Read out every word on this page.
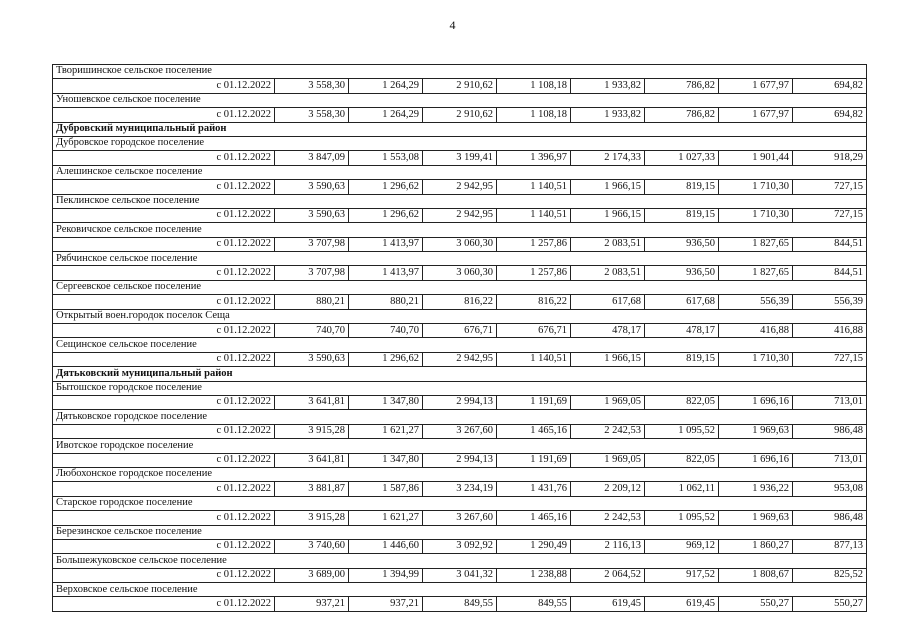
4
Творишинское сельское поселение								
с 01.12.2022	3 558,30	1 264,29	2 910,62	1 108,18	1 933,82	786,82	1 677,97	694,82
Уношевское сельское поселение								
с 01.12.2022	3 558,30	1 264,29	2 910,62	1 108,18	1 933,82	786,82	1 677,97	694,82
Дубровский муниципальный район								
Дубровское городское поселение								
с 01.12.2022	3 847,09	1 553,08	3 199,41	1 396,97	2 174,33	1 027,33	1 901,44	918,29
Алешинское сельское поселение								
с 01.12.2022	3 590,63	1 296,62	2 942,95	1 140,51	1 966,15	819,15	1 710,30	727,15
Пеклинское сельское поселение								
с 01.12.2022	3 590,63	1 296,62	2 942,95	1 140,51	1 966,15	819,15	1 710,30	727,15
Рековичское сельское поселение								
с 01.12.2022	3 707,98	1 413,97	3 060,30	1 257,86	2 083,51	936,50	1 827,65	844,51
Рябчинское сельское поселение								
с 01.12.2022	3 707,98	1 413,97	3 060,30	1 257,86	2 083,51	936,50	1 827,65	844,51
Сергеевское сельское поселение								
с 01.12.2022	880,21	880,21	816,22	816,22	617,68	617,68	556,39	556,39
Открытый воен.городок поселок Сеща								
с 01.12.2022	740,70	740,70	676,71	676,71	478,17	478,17	416,88	416,88
Сещинское сельское поселение								
с 01.12.2022	3 590,63	1 296,62	2 942,95	1 140,51	1 966,15	819,15	1 710,30	727,15
Дятьковский муниципальный район								
Бытошское городское поселение								
с 01.12.2022	3 641,81	1 347,80	2 994,13	1 191,69	1 969,05	822,05	1 696,16	713,01
Дятьковское городское поселение								
с 01.12.2022	3 915,28	1 621,27	3 267,60	1 465,16	2 242,53	1 095,52	1 969,63	986,48
Ивотское городское поселение								
с 01.12.2022	3 641,81	1 347,80	2 994,13	1 191,69	1 969,05	822,05	1 696,16	713,01
Любохонское городское поселение								
с 01.12.2022	3 881,87	1 587,86	3 234,19	1 431,76	2 209,12	1 062,11	1 936,22	953,08
Старское городское поселение								
с 01.12.2022	3 915,28	1 621,27	3 267,60	1 465,16	2 242,53	1 095,52	1 969,63	986,48
Березинское сельское поселение								
с 01.12.2022	3 740,60	1 446,60	3 092,92	1 290,49	2 116,13	969,12	1 860,27	877,13
Большежуковское сельское поселение								
с 01.12.2022	3 689,00	1 394,99	3 041,32	1 238,88	2 064,52	917,52	1 808,67	825,52
Верховское сельское поселение								
с 01.12.2022	937,21	937,21	849,55	849,55	619,45	619,45	550,27	550,27
